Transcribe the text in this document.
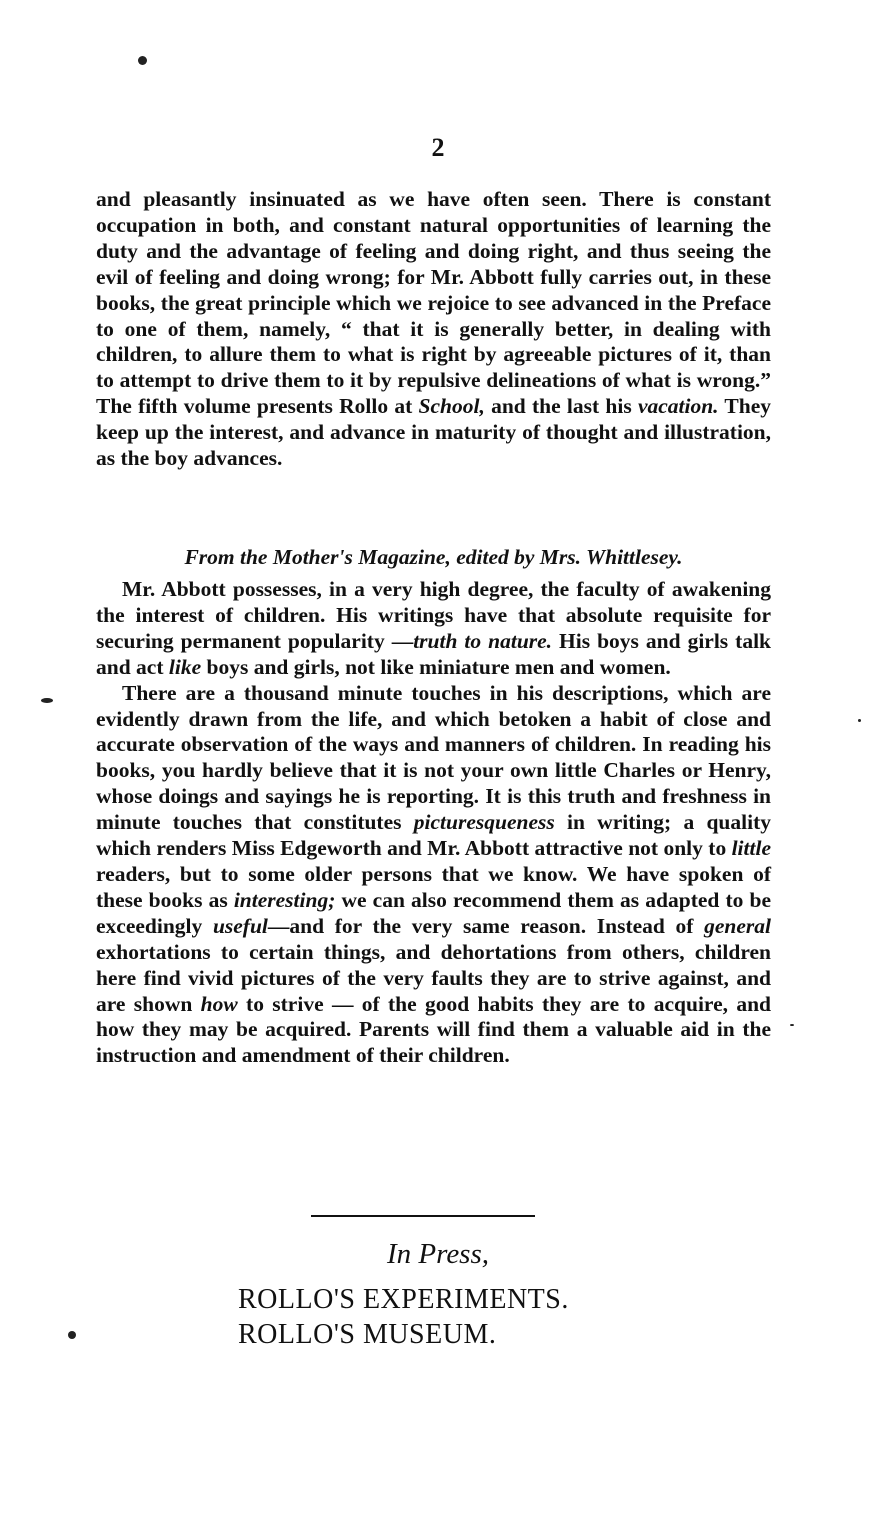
2

and pleasantly insinuated as we have often seen. There is constant occupation in both, and constant natural opportunities of learning the duty and the advantage of feeling and doing right, and thus seeing the evil of feeling and doing wrong; for Mr. Abbott fully carries out, in these books, the great principle which we rejoice to see advanced in the Preface to one of them, namely, “ that it is generally better, in dealing with children, to allure them to what is right by agreeable pictures of it, than to attempt to drive them to it by repulsive delineations of what is wrong.” The fifth volume presents Rollo at School, and the last his vacation. They keep up the interest, and advance in maturity of thought and illustration, as the boy advances.

From the Mother's Magazine, edited by Mrs. Whittlesey.

Mr. Abbott possesses, in a very high degree, the faculty of awakening the interest of children. His writings have that absolute requisite for securing permanent popularity —truth to nature. His boys and girls talk and act like boys and girls, not like miniature men and women.

There are a thousand minute touches in his descriptions, which are evidently drawn from the life, and which betoken a habit of close and accurate observation of the ways and manners of children. In reading his books, you hardly believe that it is not your own little Charles or Henry, whose doings and sayings he is reporting. It is this truth and freshness in minute touches that constitutes picturesqueness in writing; a quality which renders Miss Edgeworth and Mr. Abbott attractive not only to little readers, but to some older persons that we know. We have spoken of these books as interesting; we can also recommend them as adapted to be exceedingly useful—and for the very same reason. Instead of general exhortations to certain things, and dehortations from others, children here find vivid pictures of the very faults they are to strive against, and are shown how to strive — of the good habits they are to acquire, and how they may be acquired. Parents will find them a valuable aid in the instruction and amendment of their children.

In Press,
ROLLO'S EXPERIMENTS.
ROLLO'S MUSEUM.
